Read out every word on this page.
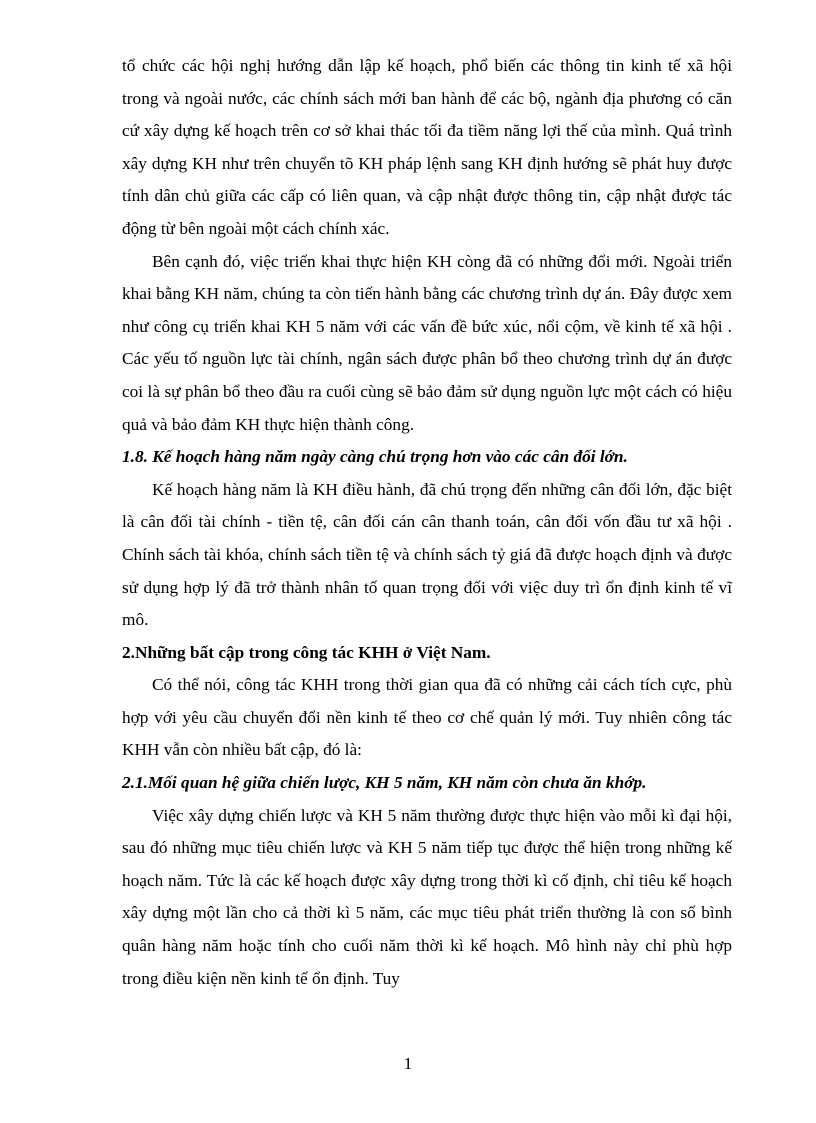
tổ chức các hội nghị hướng dẫn lập kế hoạch, phổ biến các thông tin kinh tế xã hội trong và ngoài nước, các chính sách mới ban hành để các bộ, ngành địa phương có căn cứ xây dựng kế hoạch trên cơ sở khai thác tối đa tiềm năng lợi thế của mình. Quá trình xây dựng KH như trên chuyển tõ KH pháp lệnh sang KH định hướng sẽ phát huy được tính dân chủ giữa các cấp có liên quan, và cập nhật được thông tin, cập nhật được tác động từ bên ngoài một cách chính xác.

Bên cạnh đó, việc triển khai thực hiện KH còng đã có những đổi mới. Ngoài triển khai bằng KH năm, chúng ta còn tiến hành bằng các chương trình dự án. Đây được xem như công cụ triển khai KH 5 năm với các vấn đề bức xúc, nổi cộm, về kinh tế xã hội . Các yếu tố nguồn lực tài chính, ngân sách được phân bổ theo chương trình dự án được coi là sự phân bổ theo đầu ra cuối cùng sẽ bảo đảm sử dụng nguồn lực một cách có hiệu quả và bảo đảm KH thực hiện thành công.

1.8. Kế hoạch hàng năm ngày càng chú trọng hơn vào các cân đối lớn.

Kế hoạch hàng năm là KH điều hành, đã chú trọng đến những cân đối lớn, đặc biệt là cân đối tài chính - tiền tệ, cân đối cán cân thanh toán, cân đối vốn đầu tư xã hội . Chính sách tài khóa, chính sách tiền tệ và chính sách tỷ giá đã được hoạch định và được sử dụng hợp lý đã trở thành nhân tố quan trọng đối với việc duy trì ổn định kinh tế vĩ mô.

2.Những bất cập trong công tác KHH ở Việt Nam.

Có thể nói, công tác KHH trong thời gian qua đã có những cải cách tích cực, phù hợp với yêu cầu chuyển đổi nền kinh tế theo cơ chế quản lý mới. Tuy nhiên công tác KHH vẫn còn nhiều bất cập, đó là:

2.1.Mối quan hệ giữa chiến lược, KH 5 năm, KH năm còn chưa ăn khớp.

Việc xây dựng chiến lược và KH 5 năm thường được thực hiện vào mỗi kì đại hội, sau đó những mục tiêu chiến lược và KH 5 năm tiếp tục được thể hiện trong những kế hoạch năm. Tức là các kế hoạch được xây dựng trong thời kì cố định, chỉ tiêu kế hoạch xây dựng một lần cho cả thời kì 5 năm, các mục tiêu phát triển thường là con số bình quân hàng năm hoặc tính cho cuối năm thời kì kế hoạch. Mô hình này chỉ phù hợp trong điều kiện nền kinh tế ổn định. Tuy

1
